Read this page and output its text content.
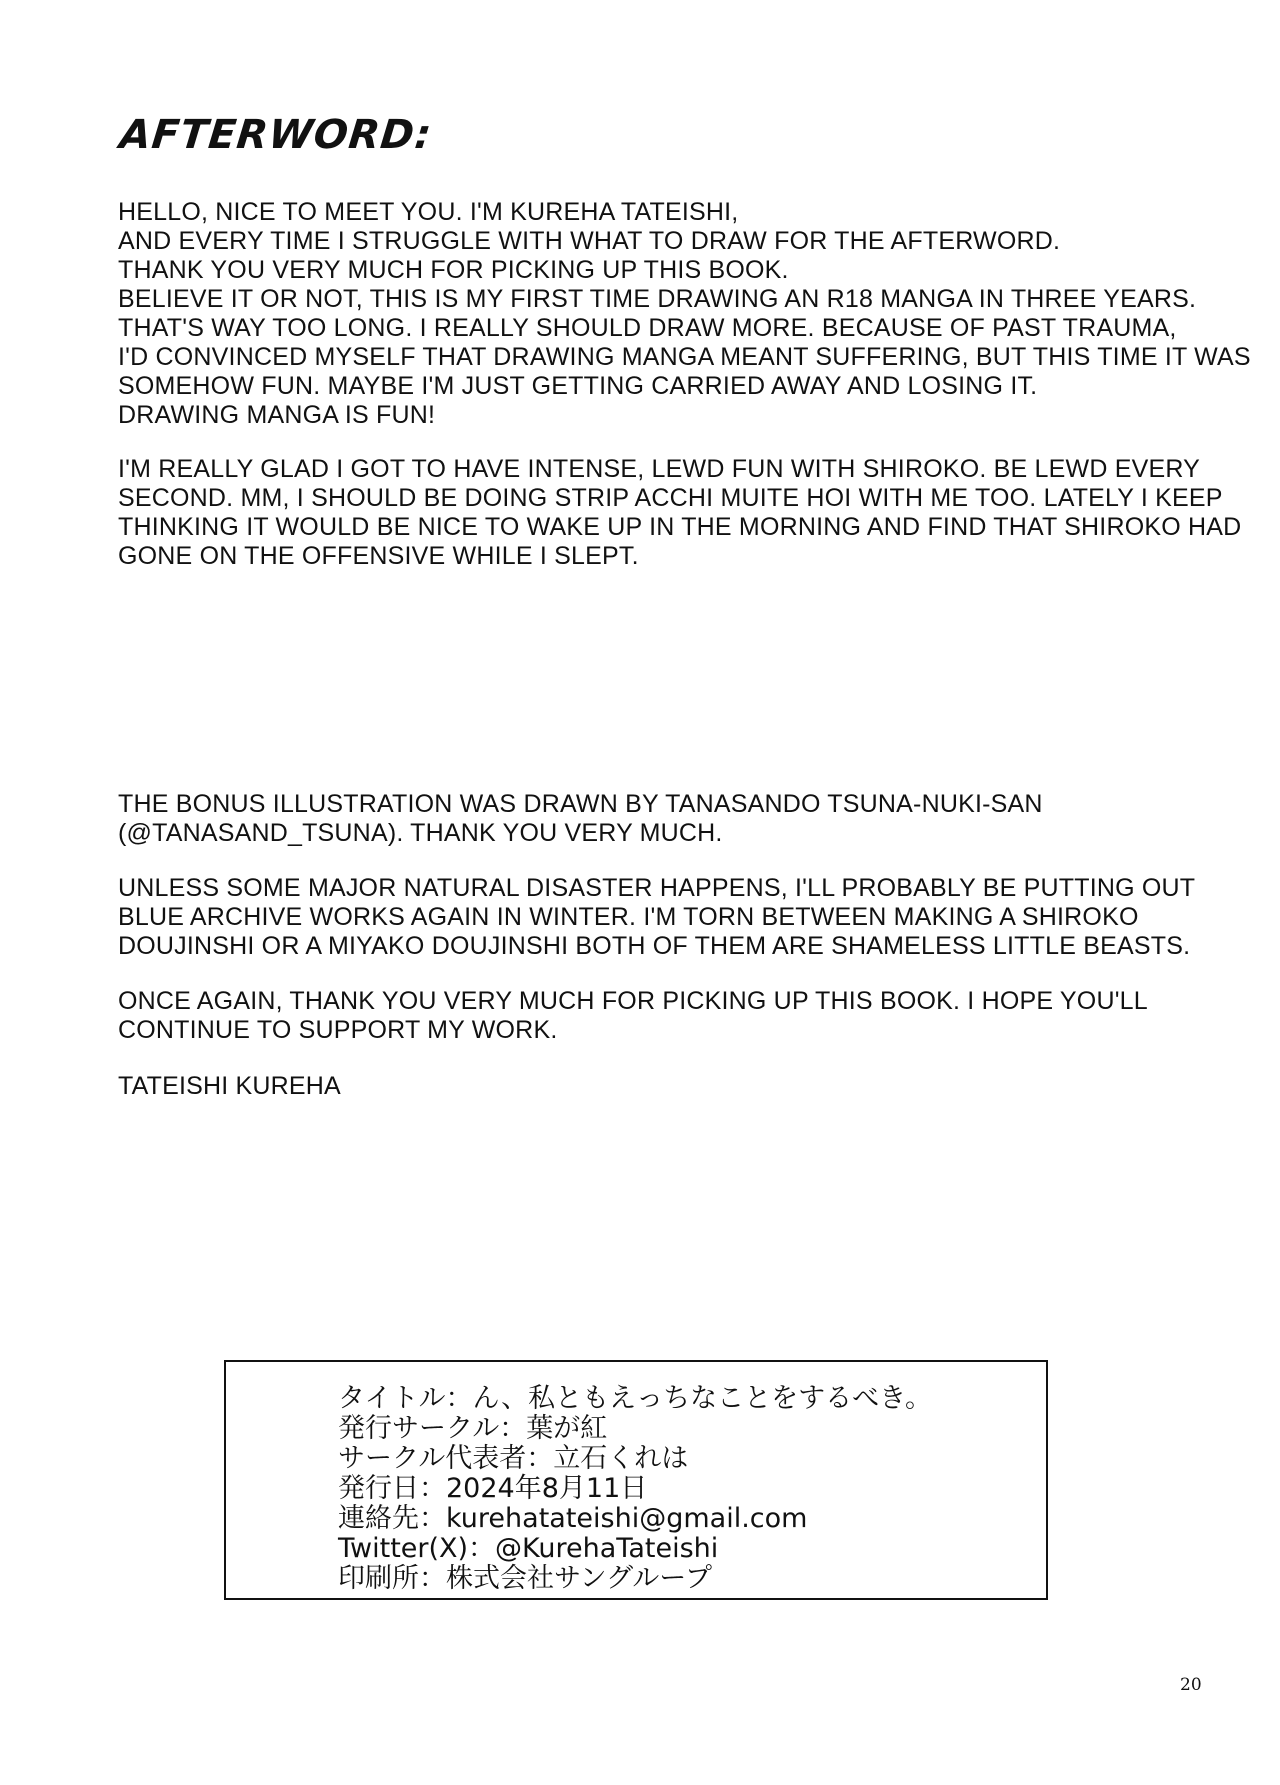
AFTERWORD:
HELLO, NICE TO MEET YOU. I'M KUREHA TATEISHI,
AND EVERY TIME I STRUGGLE WITH WHAT TO DRAW FOR THE AFTERWORD.
THANK YOU VERY MUCH FOR PICKING UP THIS BOOK.
BELIEVE IT OR NOT, THIS IS MY FIRST TIME DRAWING AN R18 MANGA IN THREE YEARS.
THAT'S WAY TOO LONG. I REALLY SHOULD DRAW MORE. BECAUSE OF PAST TRAUMA,
I'D CONVINCED MYSELF THAT DRAWING MANGA MEANT SUFFERING, BUT THIS TIME IT WAS
SOMEHOW FUN. MAYBE I'M JUST GETTING CARRIED AWAY AND LOSING IT.
DRAWING MANGA IS FUN!
I'M REALLY GLAD I GOT TO HAVE INTENSE, LEWD FUN WITH SHIROKO. BE LEWD EVERY
SECOND. MM, I SHOULD BE DOING STRIP ACCHI MUITE HOI WITH ME TOO. LATELY I KEEP
THINKING IT WOULD BE NICE TO WAKE UP IN THE MORNING AND FIND THAT SHIROKO HAD
GONE ON THE OFFENSIVE WHILE I SLEPT.
THE BONUS ILLUSTRATION WAS DRAWN BY TANASANDO TSUNA-NUKI-SAN
(@TANASAND_TSUNA). THANK YOU VERY MUCH.
UNLESS SOME MAJOR NATURAL DISASTER HAPPENS, I'LL PROBABLY BE PUTTING OUT
BLUE ARCHIVE WORKS AGAIN IN WINTER. I'M TORN BETWEEN MAKING A SHIROKO
DOUJINSHI OR A MIYAKO DOUJINSHI BOTH OF THEM ARE SHAMELESS LITTLE BEASTS.
ONCE AGAIN, THANK YOU VERY MUCH FOR PICKING UP THIS BOOK. I HOPE YOU'LL
CONTINUE TO SUPPORT MY WORK.
TATEISHI KUREHA
タイトル：ん、私ともえっちなことをするべき。
発行サークル：葉が紅
サークル代表者：立石くれは
発行日：2024年8月11日
連絡先：kurehatateishi@gmail.com
Twitter(X)：@KurehaTateishi
印刷所：株式会社サングループ
20
